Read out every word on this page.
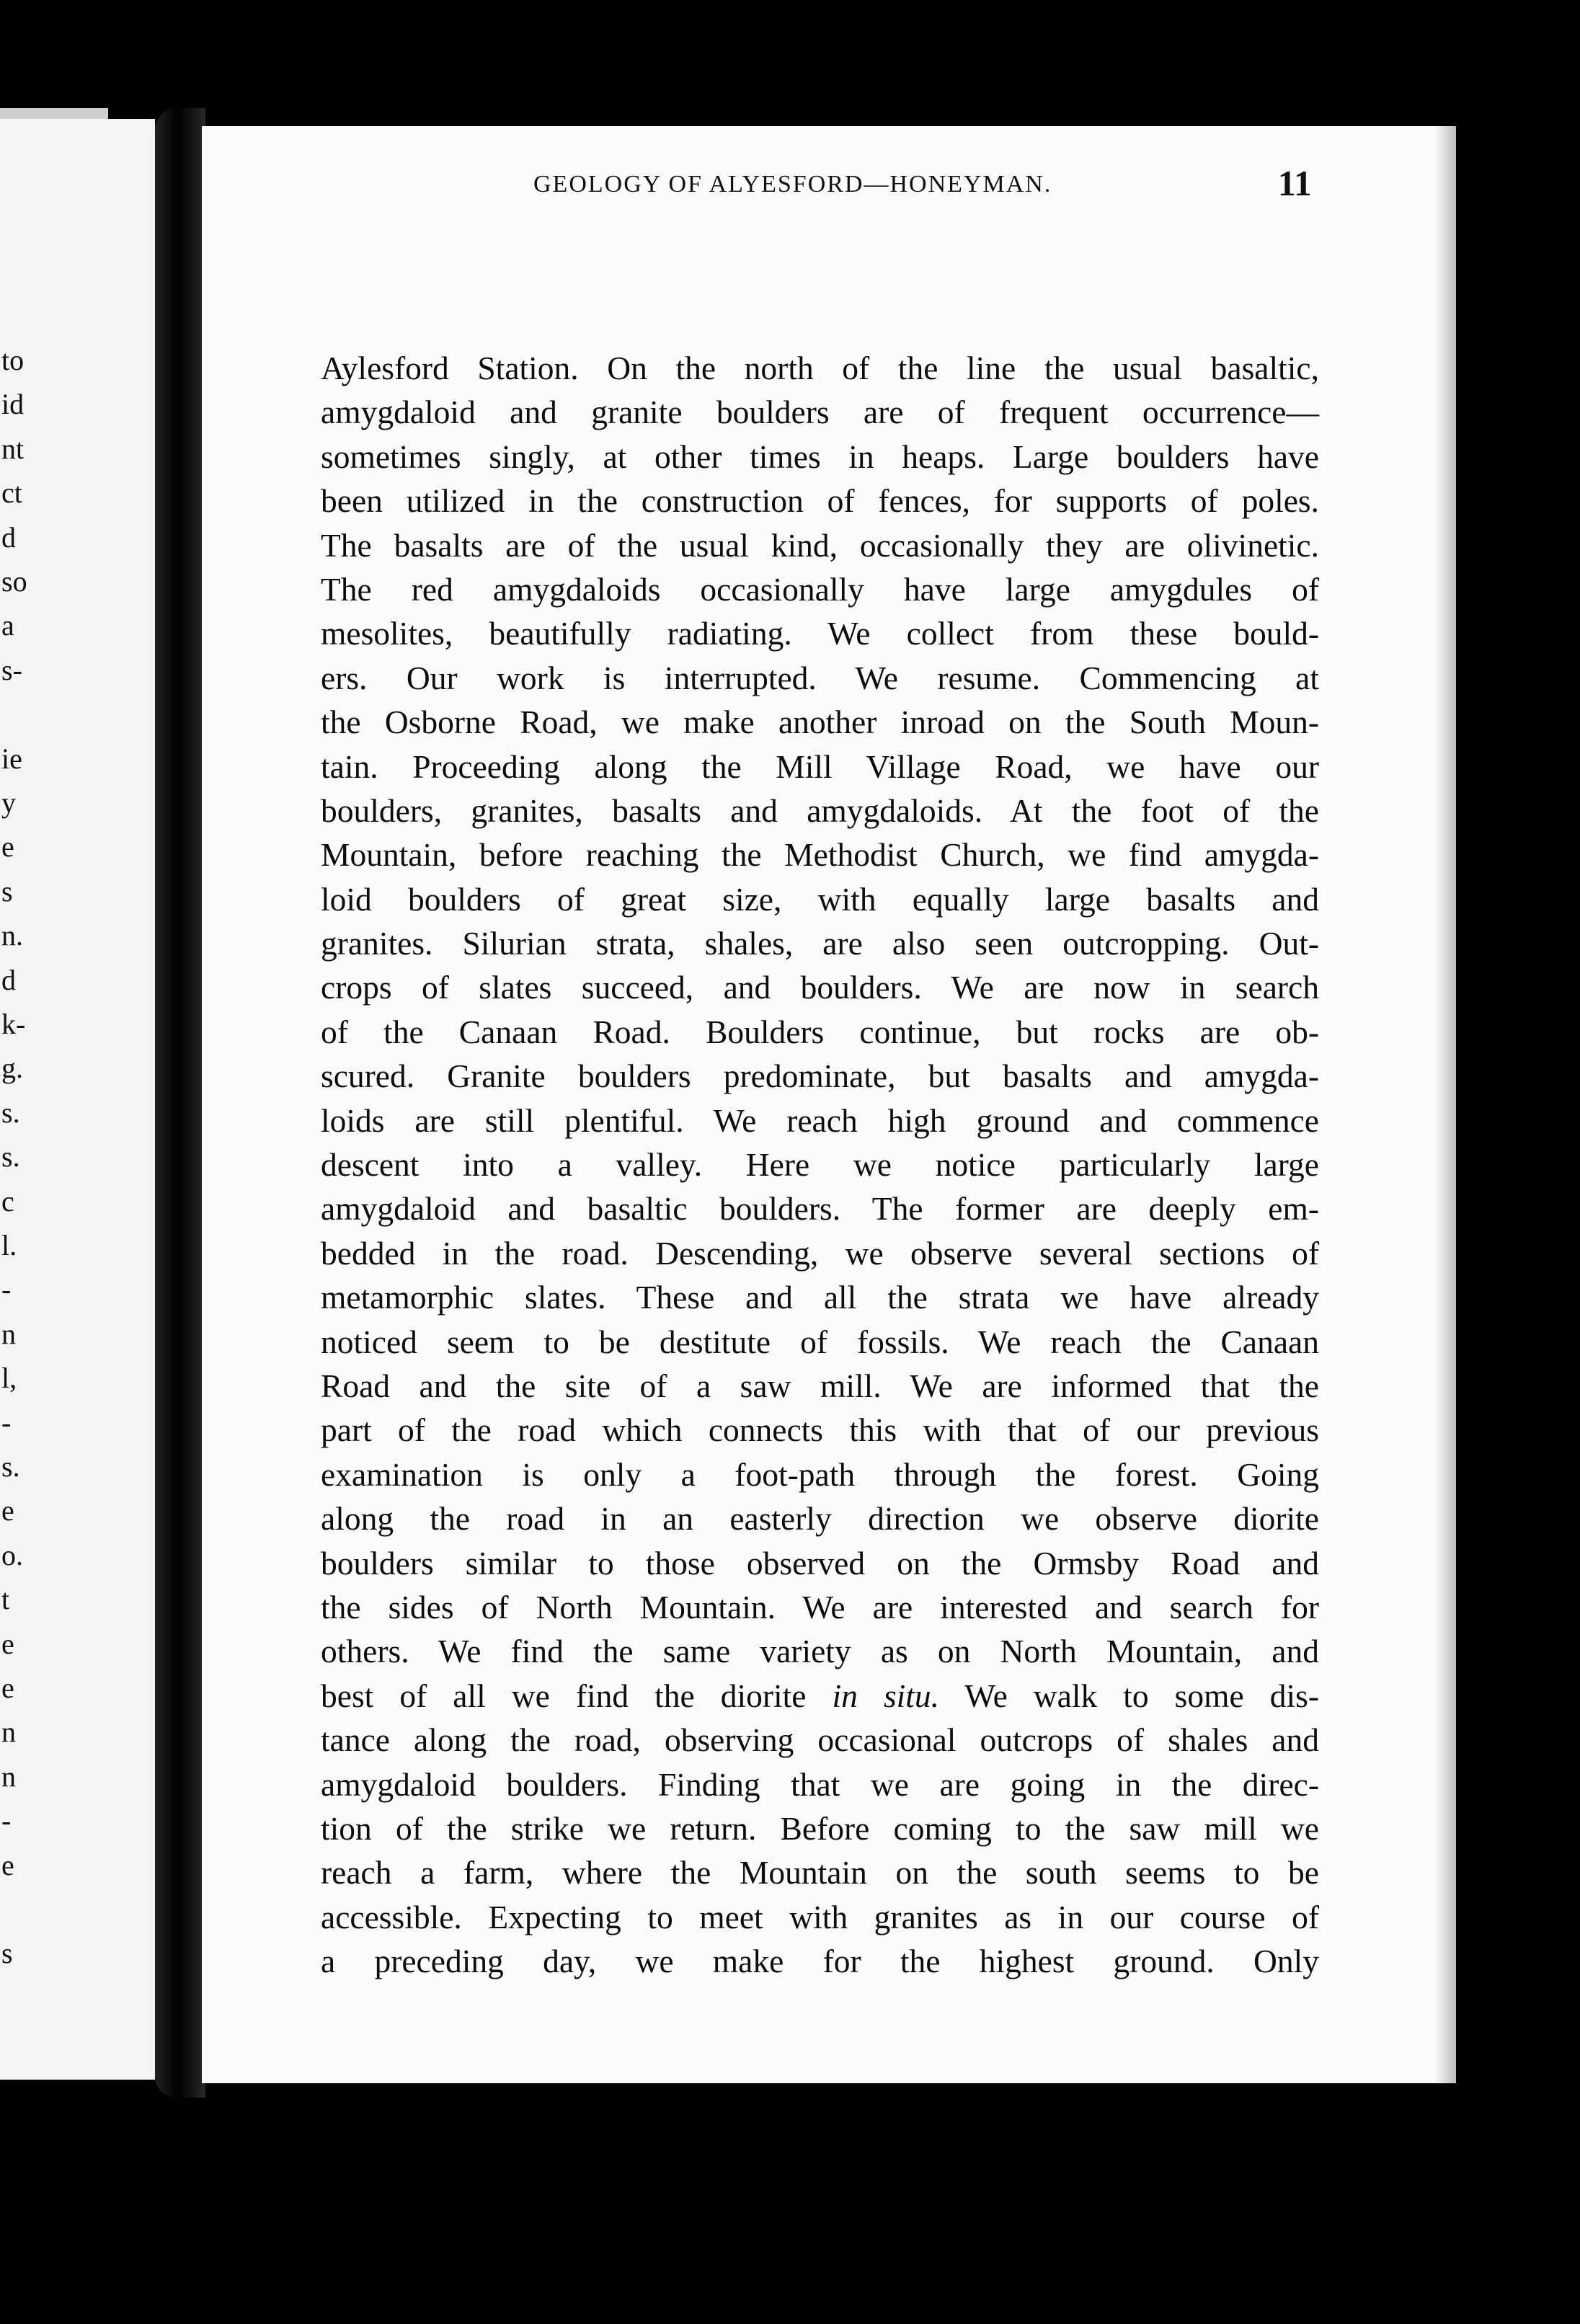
to
id
nt
ct
d
so
a
s-
ie
y
e
s
n.
d
k-
g.
s.
s.
c
l.
-
n
l,
-
s.
e
o.
t
e
e
n
n
-
e
s
GEOLOGY OF ALYESFORD—HONEYMAN.	11
Aylesford Station. On the north of the line the usual basaltic,
amygdaloid and granite boulders are of frequent occurrence—
sometimes singly, at other times in heaps. Large boulders have
been utilized in the construction of fences, for supports of poles.
The basalts are of the usual kind, occasionally they are olivinetic.
The red amygdaloids occasionally have large amygdules of
mesolites, beautifully radiating. We collect from these bould-
ers. Our work is interrupted. We resume. Commencing at
the Osborne Road, we make another inroad on the South Moun-
tain. Proceeding along the Mill Village Road, we have our
boulders, granites, basalts and amygdaloids. At the foot of the
Mountain, before reaching the Methodist Church, we find amygda-
loid boulders of great size, with equally large basalts and
granites. Silurian strata, shales, are also seen outcropping. Out-
crops of slates succeed, and boulders. We are now in search
of the Canaan Road. Boulders continue, but rocks are ob-
scured. Granite boulders predominate, but basalts and amygda-
loids are still plentiful. We reach high ground and commence
descent into a valley. Here we notice particularly large
amygdaloid and basaltic boulders. The former are deeply em-
bedded in the road. Descending, we observe several sections of
metamorphic slates. These and all the strata we have already
noticed seem to be destitute of fossils. We reach the Canaan
Road and the site of a saw mill. We are informed that the
part of the road which connects this with that of our previous
examination is only a foot-path through the forest. Going
along the road in an easterly direction we observe diorite
boulders similar to those observed on the Ormsby Road and
the sides of North Mountain. We are interested and search for
others. We find the same variety as on North Mountain, and
best of all we find the diorite in situ. We walk to some dis-
tance along the road, observing occasional outcrops of shales and
amygdaloid boulders. Finding that we are going in the direc-
tion of the strike we return. Before coming to the saw mill we
reach a farm, where the Mountain on the south seems to be
accessible. Expecting to meet with granites as in our course of
a preceding day, we make for the highest ground. Only
